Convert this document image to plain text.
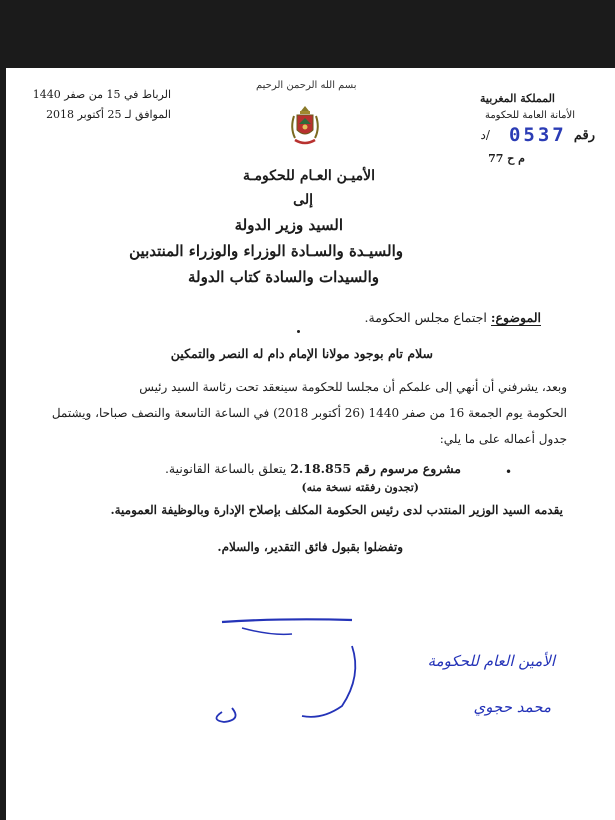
بسم الله الرحمن الرحيم
الرباط في 15 من صفر 1440
الموافق لـ 25 أكتوبر 2018
المملكة المغربية
الأمانة العامة للحكومة
رقم 0537 /د
م ح 77
الأميـن العـام للحكومـة
إلى
السيد وزير الدولة
والسيـدة والسـادة الوزراء والوزراء المنتدبين
والسيدات والسادة كتاب الدولة
الموضوع: اجتماع مجلس الحكومة.
سلام تام بوجود مولانا الإمام دام له النصر والتمكين
وبعد، يشرفني أن أنهي إلى علمكم أن مجلسا للحكومة سينعقد تحت رئاسة السيد رئيس
الحكومة يوم الجمعة 16 من صفر 1440 (26 أكتوبر 2018) في الساعة التاسعة والنصف صباحا، ويشتمل
جدول أعماله على ما يلي:
•
مشروع مرسوم رقم 2.18.855 يتعلق بالساعة القانونية.
(تجدون رفقته نسخة منه)
يقدمه السيد الوزير المنتدب لدى رئيس الحكومة المكلف بإصلاح الإدارة وبالوظيفة العمومية.
وتفضلوا بقبول فائق التقدير، والسلام.
الأمين العام للحكومة
محمد حجوي
